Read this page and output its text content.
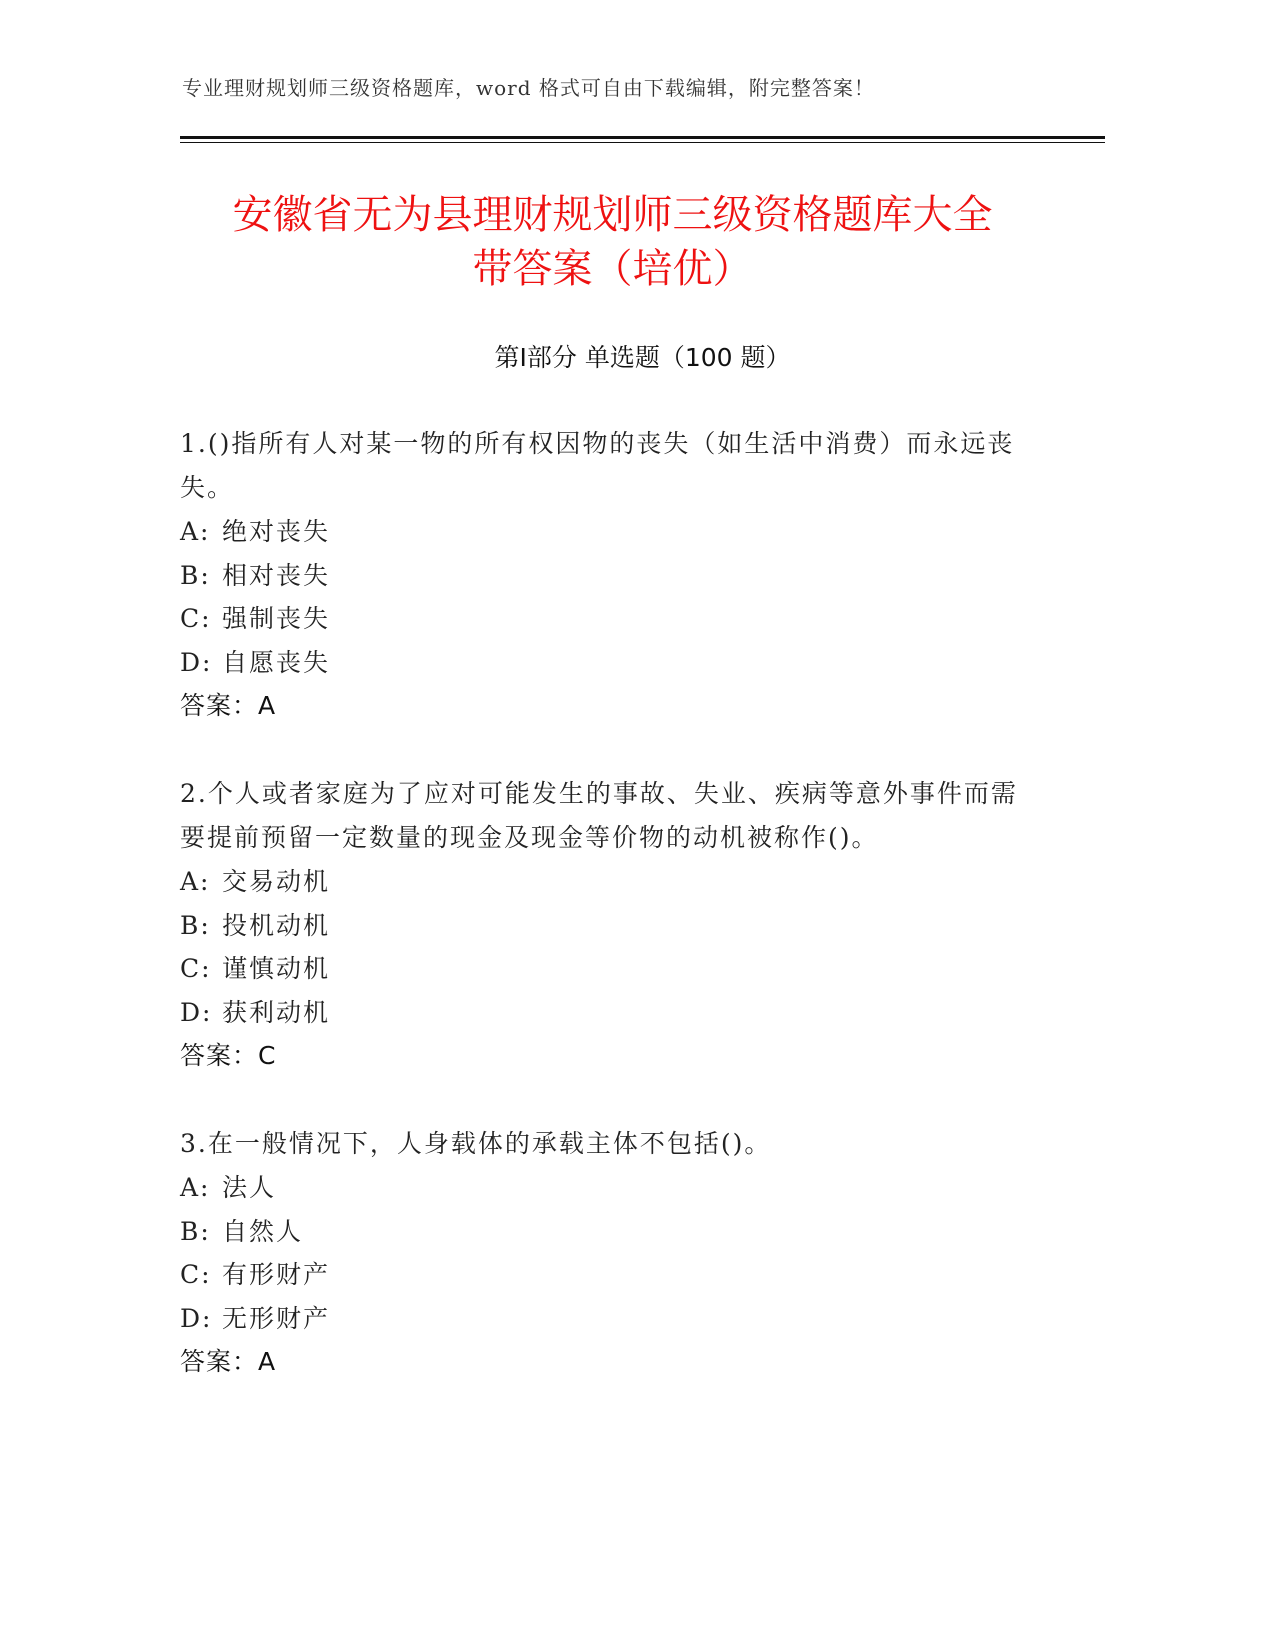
专业理财规划师三级资格题库，word 格式可自由下载编辑，附完整答案！
安徽省无为县理财规划师三级资格题库大全
带答案（培优）
第Ⅰ部分 单选题（100 题）

1.()指所有人对某一物的所有权因物的丧失（如生活中消费）而永远丧失。

A: 绝对丧失
B: 相对丧失
C: 强制丧失
D: 自愿丧失
答案：A

2.个人或者家庭为了应对可能发生的事故、失业、疾病等意外事件而需要提前预留一定数量的现金及现金等价物的动机被称作()。

A: 交易动机
B: 投机动机
C: 谨慎动机
D: 获利动机
答案：C

3.在一般情况下，人身载体的承载主体不包括()。

A: 法人
B: 自然人
C: 有形财产
D: 无形财产
答案：A
